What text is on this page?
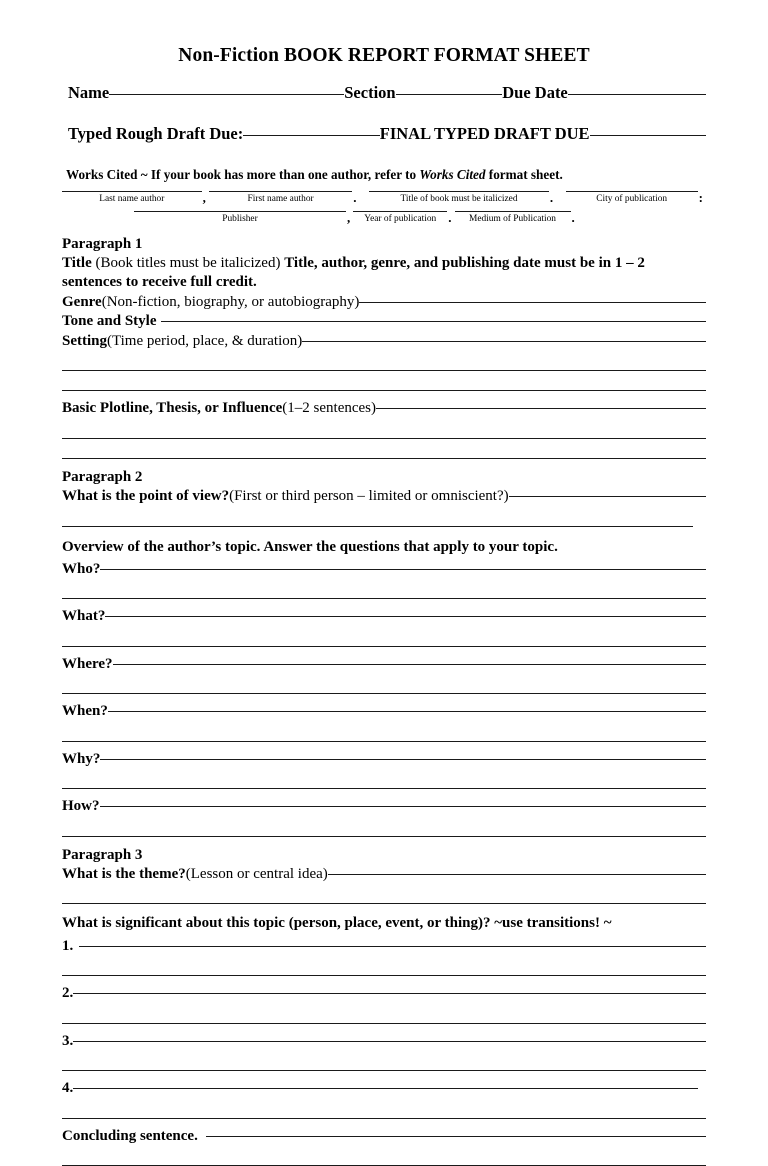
Non-Fiction BOOK REPORT FORMAT SHEET
Name	Section	Due Date
Typed Rough Draft Due:	FINAL TYPED DRAFT DUE
Works Cited ~ If your book has more than one author, refer to Works Cited format sheet.
Last name author	,	First name author	.	Title of book must be italicized .	City of publication :
Publisher	,	Year of publication .	Medium of Publication .
Paragraph 1
Title (Book titles must be italicized) Title, author, genre, and publishing date must be in 1 – 2 sentences to receive full credit.
Genre (Non-fiction, biography, or autobiography)
Tone and Style
Setting (Time period, place, & duration)
Basic Plotline, Thesis, or Influence (1–2 sentences)
Paragraph 2
What is the point of view? (First or third person – limited or omniscient?)
Overview of the author’s topic. Answer the questions that apply to your topic.
Who?
What?
Where?
When?
Why?
How?
Paragraph 3
What is the theme? (Lesson or central idea)
What is significant about this topic (person, place, event, or thing)? ~use transitions! ~
1.
2.
3.
4.
Concluding sentence.
